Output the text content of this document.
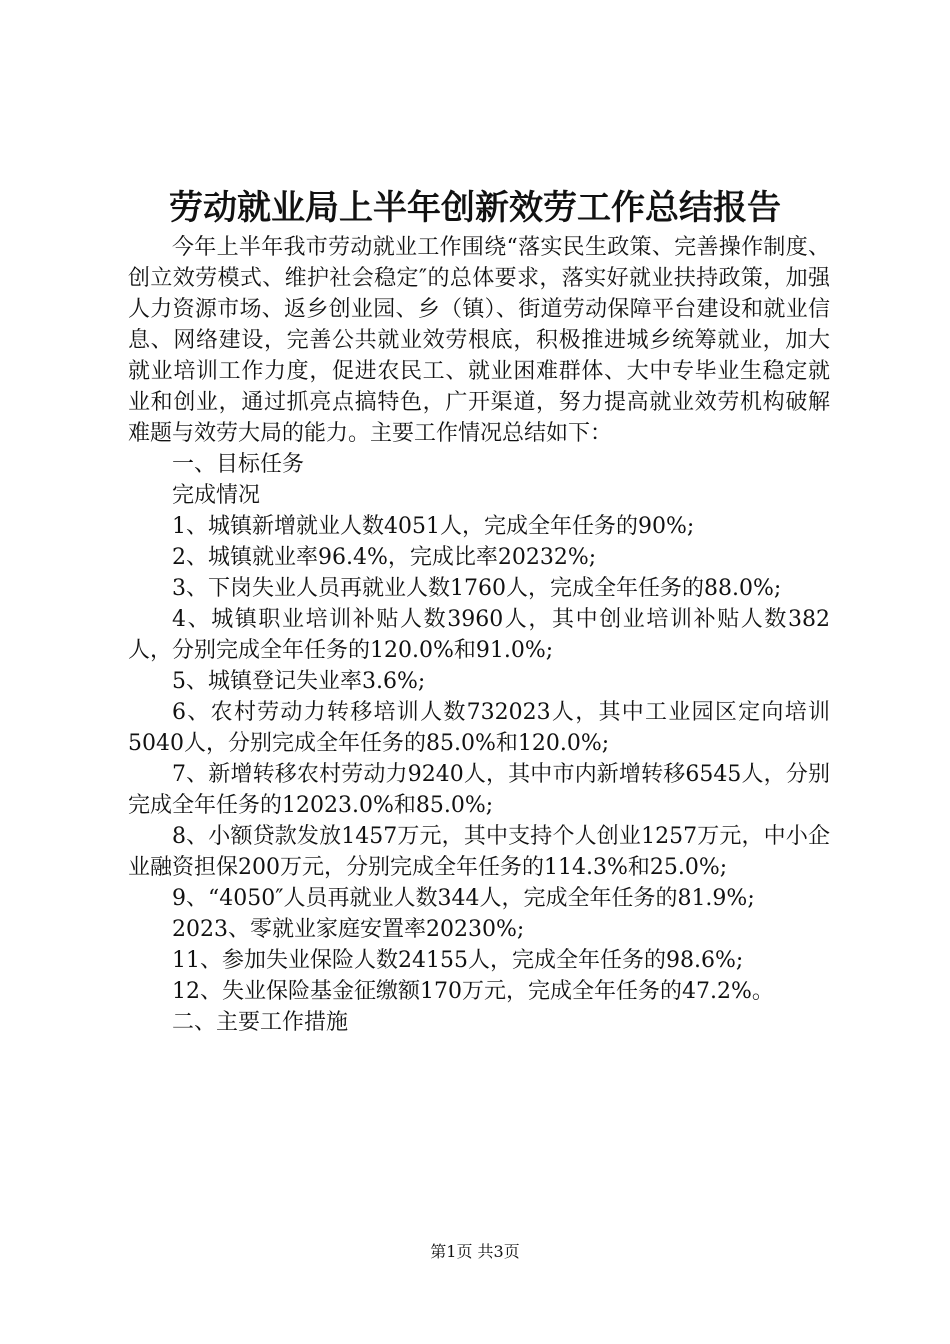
劳动就业局上半年创新效劳工作总结报告

今年上半年我市劳动就业工作围绕“落实民生政策、完善操作制度、创立效劳模式、维护社会稳定″的总体要求，落实好就业扶持政策，加强人力资源市场、返乡创业园、乡（镇）、街道劳动保障平台建设和就业信息、网络建设，完善公共就业效劳根底，积极推进城乡统筹就业，加大就业培训工作力度，促进农民工、就业困难群体、大中专毕业生稳定就业和创业，通过抓亮点搞特色，广开渠道，努力提高就业效劳机构破解难题与效劳大局的能力。主要工作情况总结如下：

一、目标任务

完成情况

1、城镇新增就业人数4051人，完成全年任务的90%;

2、城镇就业率96.4%，完成比率20232%;

3、下岗失业人员再就业人数1760人，完成全年任务的88.0%;

4、城镇职业培训补贴人数3960人，其中创业培训补贴人数382人，分别完成全年任务的120.0%和91.0%;

5、城镇登记失业率3.6%;

6、农村劳动力转移培训人数732023人，其中工业园区定向培训5040人，分别完成全年任务的85.0%和120.0%;

7、新增转移农村劳动力9240人，其中市内新增转移6545人，分别完成全年任务的12023.0%和85.0%;

8、小额贷款发放1457万元，其中支持个人创业1257万元，中小企业融资担保200万元，分别完成全年任务的114.3%和25.0%;

9、“4050″人员再就业人数344人，完成全年任务的81.9%;

2023、零就业家庭安置率20230%;

11、参加失业保险人数24155人，完成全年任务的98.6%;

12、失业保险基金征缴额170万元，完成全年任务的47.2%。

二、主要工作措施

第1页 共3页
